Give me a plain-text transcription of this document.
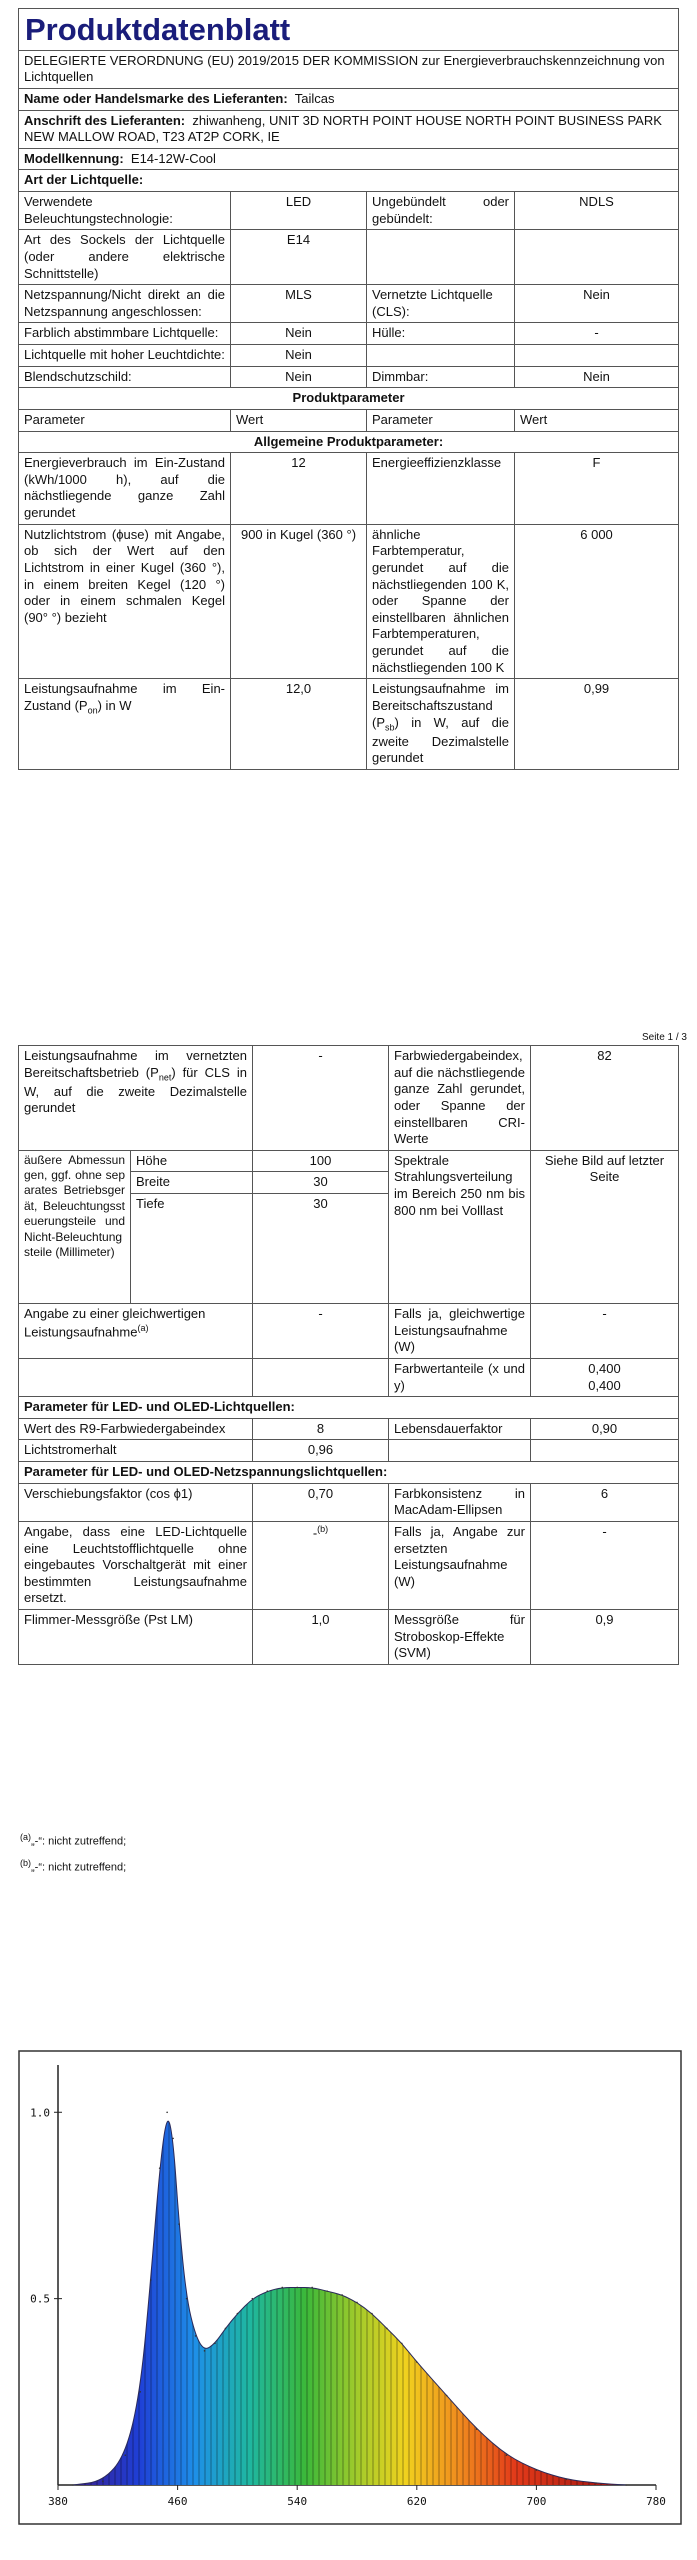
Produktdatenblatt			
DELEGIERTE VERORDNUNG (EU) 2019/2015 DER KOMMISSION zur Energieverbrauchskennzeichnung von Lichtquellen			
Name oder Handelsmarke des Lieferanten: Tailcas			
Anschrift des Lieferanten: zhiwanheng, UNIT 3D NORTH POINT HOUSE NORTH POINT BUSINESS PARK NEW MALLOW ROAD, T23 AT2P CORK, IE			
Modellkennung: E14-12W-Cool			
Art der Lichtquelle:			
Verwendete Beleuchtungstechnologie:	LED	Ungebündelt oder gebündelt:	NDLS
Art des Sockels der Lichtquelle (oder andere elektrische Schnittstelle)	E14		
Netzspannung/Nicht direkt an die Netzspannung angeschlossen:	MLS	Vernetzte Lichtquelle (CLS):	Nein
Farblich abstimmbare Lichtquelle:	Nein	Hülle:	-
Lichtquelle mit hoher Leuchtdichte:	Nein		
Blendschutzschild:	Nein	Dimmbar:	Nein
Produktparameter			
Parameter	Wert	Parameter	Wert
Allgemeine Produktparameter:			
Energieverbrauch im Ein-Zustand (kWh/1000 h), auf die nächstliegende ganze Zahl gerundet	12	Energieeffizienzklasse	F
Nutzlichtstrom (ϕuse) mit Angabe, ob sich der Wert auf den Lichtstrom in einer Kugel (360 °), in einem breiten Kegel (120 °) oder in einem schmalen Kegel (90° °) bezieht	900 in Kugel (360 °)	ähnliche Farbtemperatur, gerundet auf die nächstliegenden 100 K, oder Spanne der einstellbaren ähnlichen Farbtemperaturen, gerundet auf die nächstliegenden 100 K	6 000
Leistungsaufnahme im Ein-Zustand $(P_{on})$ in W	12,0	Leistungsaufnahme im Bereitschaftszustand $(P_{sb})$ in W, auf die zweite Dezimalstelle gerundet	0,99
Seite 1 / 3
Leistungsaufnahme im vernetzten Bereitschaftsbetrieb $(P_{net})$ für CLS in W, auf die zweite Dezimalstelle gerundet		-	Farbwiedergabeindex, auf die nächstliegende ganze Zahl gerundet, oder Spanne der einstellbaren CRI-Werte	82
äußere Abmessungen, ggf. ohne separates Betriebsgerät, Beleuchtungssteuerungsteile und Nicht-Beleuchtungsteile (Millimeter)	Höhe	100	Spektrale Strahlungsverteilung im Bereich 250 nm bis 800 nm bei Volllast	Siehe Bild auf letzter Seite
	Breite	30		
	Tiefe	30		
Angabe zu einer gleichwertigen Leistungsaufnahme$^{(a)}$		-	Falls ja, gleichwertige Leistungsaufnahme (W)	-
			Farbwertanteile (x und y)	0,400
0,400

Parameter für LED- und OLED-Lichtquellen:				
Wert des R9-Farbwiedergabeindex		8	Lebensdauerfaktor	0,90
Lichtstromerhalt		0,96		
Parameter für LED- und OLED-Netzspannungslichtquellen:				
Verschiebungsfaktor (cos ϕ1)		0,70	Farbkonsistenz in MacAdam-Ellipsen	6
Angabe, dass eine LED-Lichtquelle eine Leuchtstofflichtquelle ohne eingebautes Vorschaltgerät mit einer bestimmten Leistungsaufnahme ersetzt.		-$^{(b)}$	Falls ja, Angabe zur ersetzten Leistungsaufnahme (W)	-
Flimmer-Messgröße (Pst LM)		1,0	Messgröße für Stroboskop-Effekte (SVM)	0,9
$^{(a)}$„-“: nicht zutreffend;
$^{(b)}$„-“: nicht zutreffend;
0.5
1.0
380	460	540	620	700	780
